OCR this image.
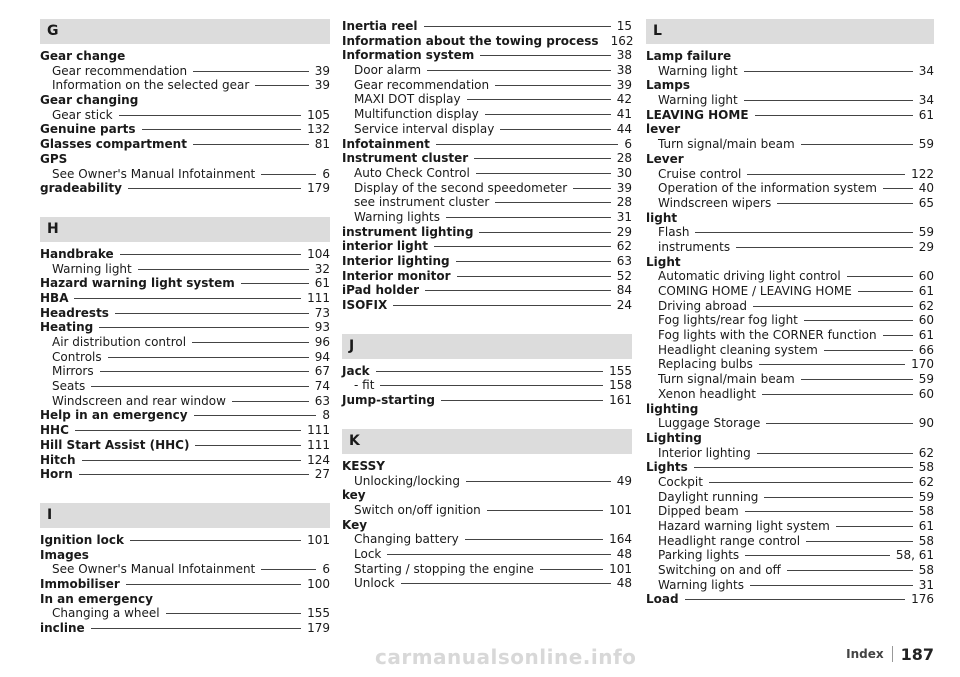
G
Gear change
Gear recommendation	39
Information on the selected gear	39
Gear changing
Gear stick	105
Genuine parts	132
Glasses compartment	81
GPS
See Owner's Manual Infotainment	6
gradeability	179
H
Handbrake	104
Warning light	32
Hazard warning light system	61
HBA	111
Headrests	73
Heating	93
Air distribution control	96
Controls	94
Mirrors	67
Seats	74
Windscreen and rear window	63
Help in an emergency	8
HHC	111
Hill Start Assist (HHC)	111
Hitch	124
Horn	27
I
Ignition lock	101
Images
See Owner's Manual Infotainment	6
Immobiliser	100
In an emergency
Changing a wheel	155
incline	179
Inertia reel	15
Information about the towing process 162
Information system	38
Door alarm	38
Gear recommendation	39
MAXI DOT display	42
Multifunction display	41
Service interval display	44
Infotainment	6
Instrument cluster	28
Auto Check Control	30
Display of the second speedometer	39
see instrument cluster	28
Warning lights	31
instrument lighting	29
interior light	62
Interior lighting	63
Interior monitor	52
iPad holder	84
ISOFIX	24
J
Jack	155
- fit	158
Jump-starting	161
K
KESSY
Unlocking/locking	49
key
Switch on/off ignition	101
Key
Changing battery	164
Lock	48
Starting / stopping the engine	101
Unlock	48
L
Lamp failure
Warning light	34
Lamps
Warning light	34
LEAVING HOME	61
lever
Turn signal/main beam	59
Lever
Cruise control	122
Operation of the information system	40
Windscreen wipers	65
light
Flash	59
instruments	29
Light
Automatic driving light control	60
COMING HOME / LEAVING HOME	61
Driving abroad	62
Fog lights/rear fog light	60
Fog lights with the CORNER function	61
Headlight cleaning system	66
Replacing bulbs	170
Turn signal/main beam	59
Xenon headlight	60
lighting
Luggage Storage	90
Lighting
Interior lighting	62
Lights	58
Cockpit	62
Daylight running	59
Dipped beam	58
Hazard warning light system	61
Headlight range control	58
Parking lights	58, 61
Switching on and off	58
Warning lights	31
Load	176
carmanualsonline.info	Index 187
